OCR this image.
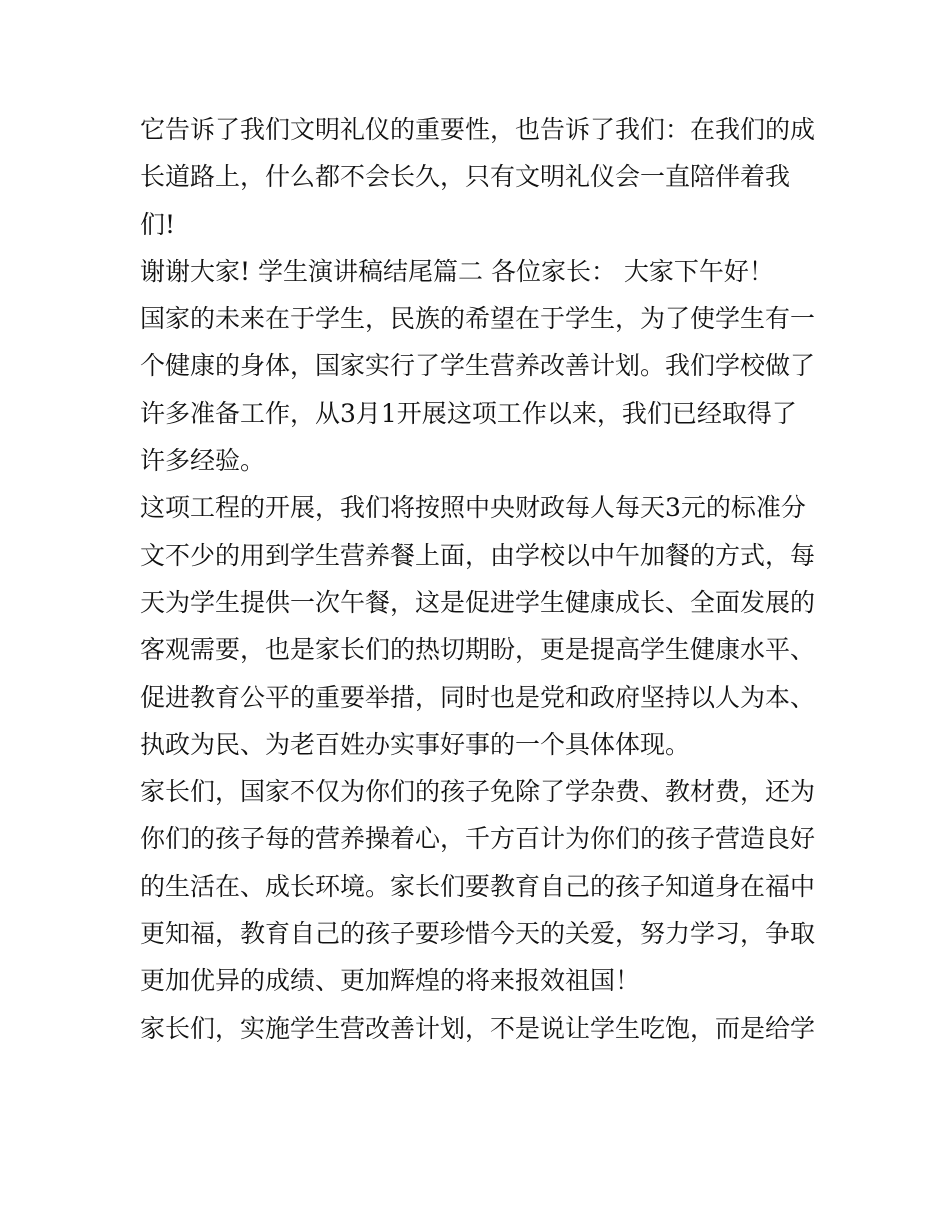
它告诉了我们文明礼仪的重要性，也告诉了我们：在我们的成
长道路上，什么都不会长久，只有文明礼仪会一直陪伴着我
们!

谢谢大家! 学生演讲稿结尾篇二 各位家长： 大家下午好！

国家的未来在于学生，民族的希望在于学生，为了使学生有一
个健康的身体，国家实行了学生营养改善计划。我们学校做了
许多准备工作，从3月1开展这项工作以来，我们已经取得了
许多经验。

这项工程的开展，我们将按照中央财政每人每天3元的标准分
文不少的用到学生营养餐上面，由学校以中午加餐的方式，每
天为学生提供一次午餐，这是促进学生健康成长、全面发展的
客观需要，也是家长们的热切期盼，更是提高学生健康水平、
促进教育公平的重要举措，同时也是党和政府坚持以人为本、
执政为民、为老百姓办实事好事的一个具体体现。

家长们，国家不仅为你们的孩子免除了学杂费、教材费，还为
你们的孩子每的营养操着心，千方百计为你们的孩子营造良好
的生活在、成长环境。家长们要教育自己的孩子知道身在福中
更知福，教育自己的孩子要珍惜今天的关爱，努力学习，争取
更加优异的成绩、更加辉煌的将来报效祖国！

家长们，实施学生营改善计划，不是说让学生吃饱，而是给学
